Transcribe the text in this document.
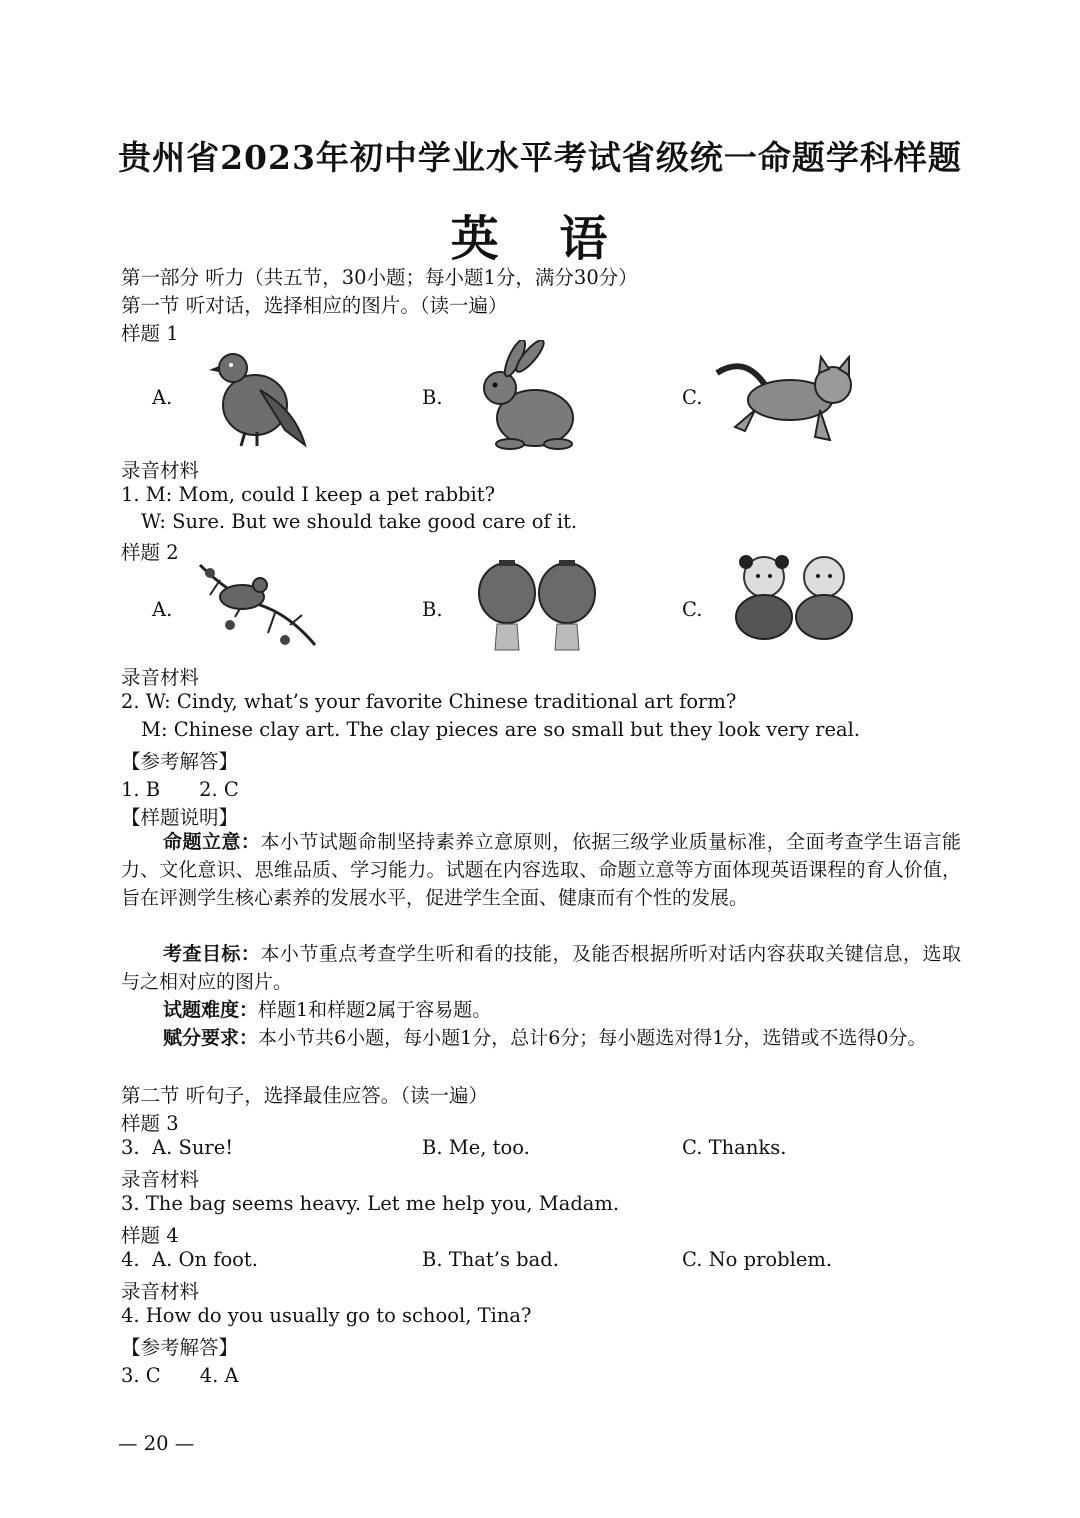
贵州省2023年初中学业水平考试省级统一命题学科样题
英 语
第一部分 听力（共五节，30小题；每小题1分，满分30分）
第一节 听对话，选择相应的图片。（读一遍）
样题 1
A.	B.	C.
录音材料
1. M: Mom, could I keep a pet rabbit?
W: Sure. But we should take good care of it.
样题 2
A.	B.	C.
录音材料
2. W: Cindy, what’s your favorite Chinese traditional art form?
M: Chinese clay art. The clay pieces are so small but they look very real.
【参考解答】
1. B　　2. C
【样题说明】
命题立意：本小节试题命制坚持素养立意原则，依据三级学业质量标准，全面考查学生语言能力、文化意识、思维品质、学习能力。试题在内容选取、命题立意等方面体现英语课程的育人价值，旨在评测学生核心素养的发展水平，促进学生全面、健康而有个性的发展。
考查目标：本小节重点考查学生听和看的技能，及能否根据所听对话内容获取关键信息，选取与之相对应的图片。
试题难度：样题1和样题2属于容易题。
赋分要求：本小节共6小题，每小题1分，总计6分；每小题选对得1分，选错或不选得0分。
第二节 听句子，选择最佳应答。（读一遍）
样题 3
3. A. Sure!	B. Me, too.	C. Thanks.
录音材料
3. The bag seems heavy. Let me help you, Madam.
样题 4
4. A. On foot.	B. That’s bad.	C. No problem.
录音材料
4. How do you usually go to school, Tina?
【参考解答】
3. C　　4. A
— 20 —
